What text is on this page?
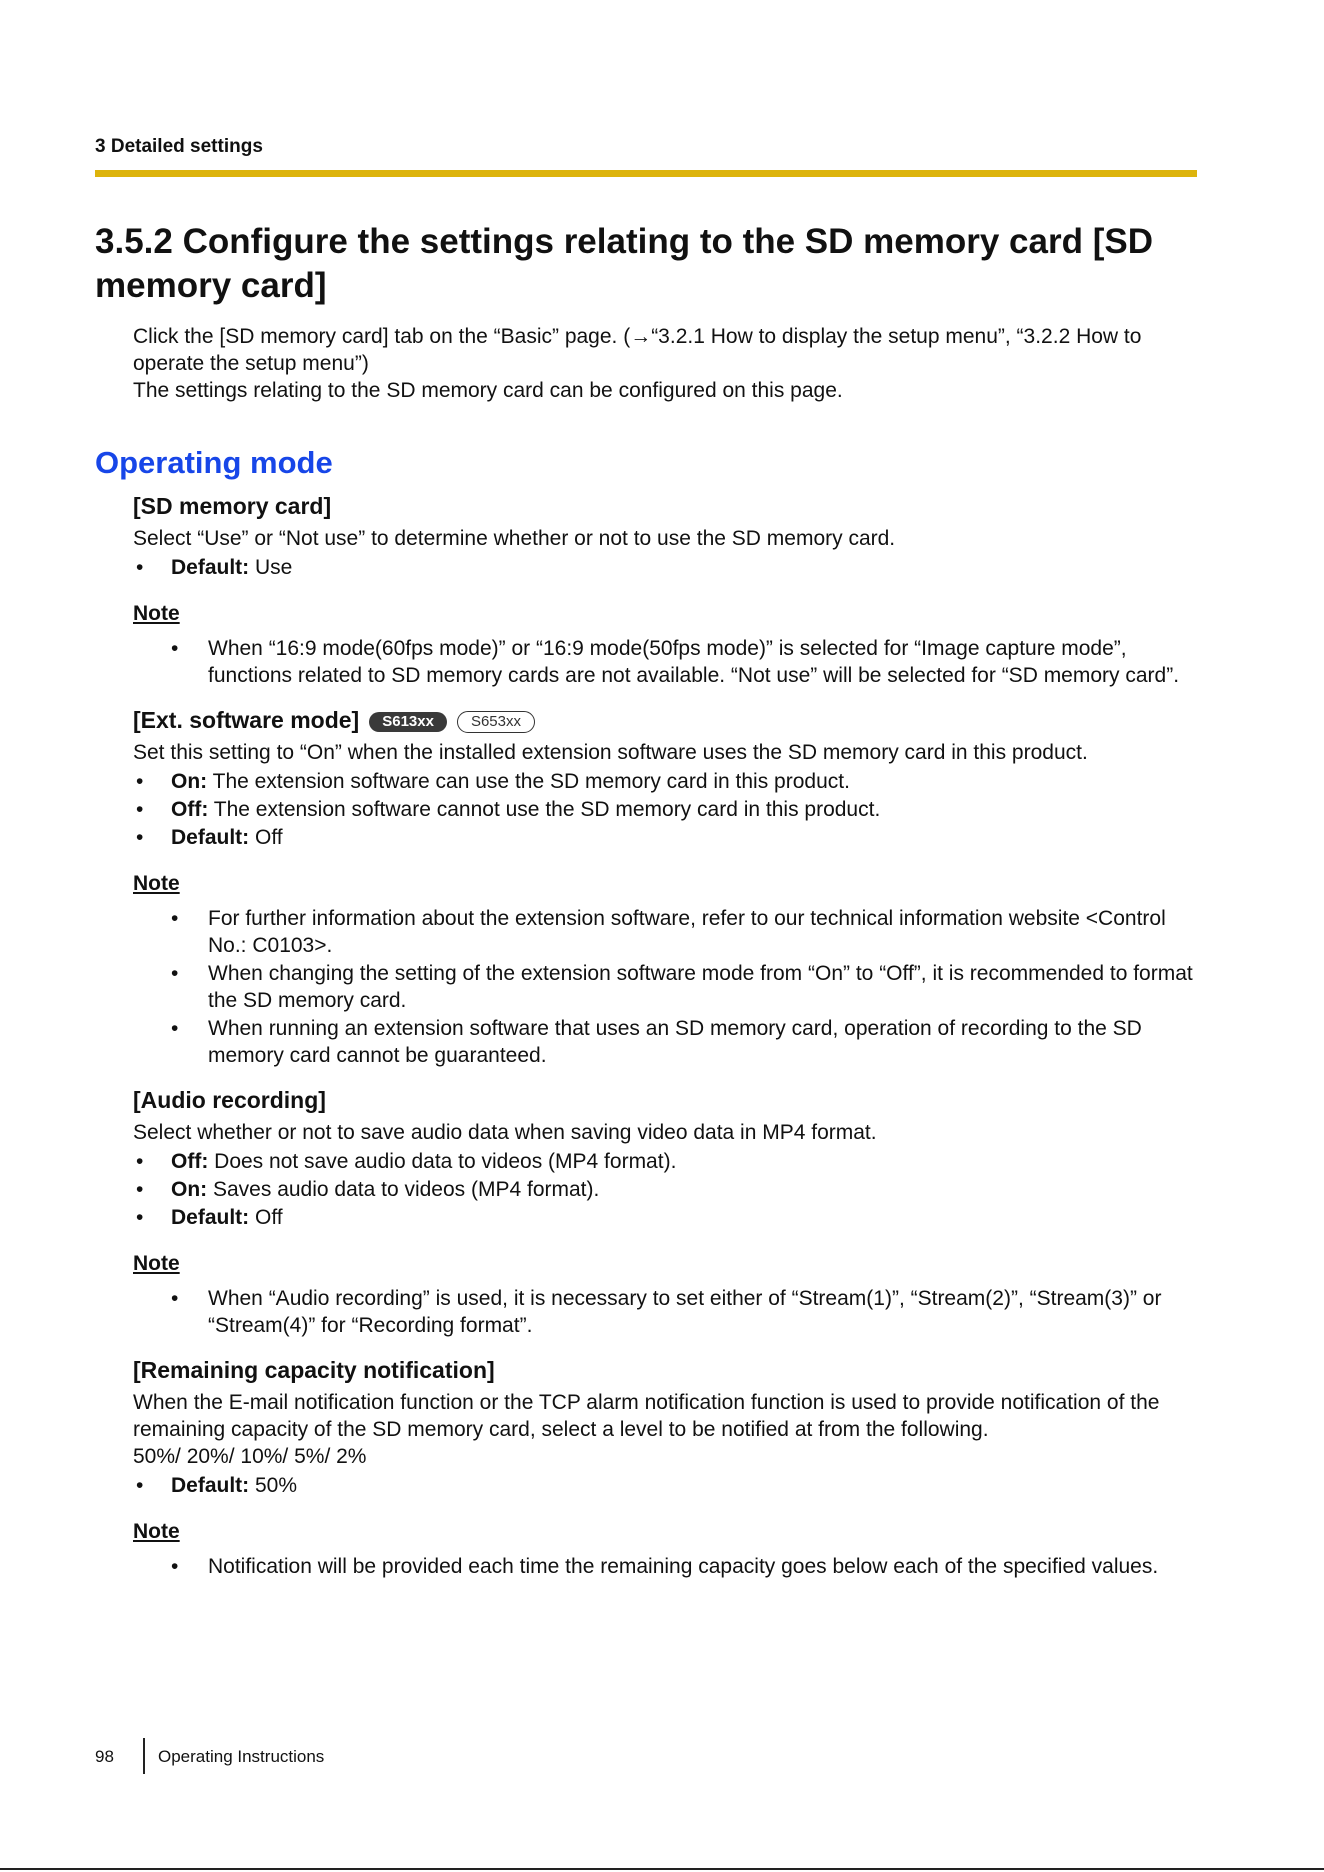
3 Detailed settings
3.5.2 Configure the settings relating to the SD memory card [SD memory card]

Click the [SD memory card] tab on the “Basic” page. (→“3.2.1 How to display the setup menu”, “3.2.2 How to operate the setup menu”)

The settings relating to the SD memory card can be configured on this page.

Operating mode
[SD memory card]

Select “Use” or “Not use” to determine whether or not to use the SD memory card.

• Default: Use

Note

• When “16:9 mode(60fps mode)” or “16:9 mode(50fps mode)” is selected for “Image capture mode”, functions related to SD memory cards are not available. “Not use” will be selected for “SD memory card”.
[Ext. software mode]	S613xx	S653xx

Set this setting to “On” when the installed extension software uses the SD memory card in this product.

• On: The extension software can use the SD memory card in this product.
• Off: The extension software cannot use the SD memory card in this product.
• Default: Off

Note

• For further information about the extension software, refer to our technical information website <Control No.: C0103>.
• When changing the setting of the extension software mode from “On” to “Off”, it is recommended to format the SD memory card.
• When running an extension software that uses an SD memory card, operation of recording to the SD memory card cannot be guaranteed.
[Audio recording]

Select whether or not to save audio data when saving video data in MP4 format.

• Off: Does not save audio data to videos (MP4 format).
• On: Saves audio data to videos (MP4 format).
• Default: Off

Note

• When “Audio recording” is used, it is necessary to set either of “Stream(1)”, “Stream(2)”, “Stream(3)” or “Stream(4)” for “Recording format”.
[Remaining capacity notification]

When the E-mail notification function or the TCP alarm notification function is used to provide notification of the remaining capacity of the SD memory card, select a level to be notified at from the following.

50%/ 20%/ 10%/ 5%/ 2%

• Default: 50%

Note

• Notification will be provided each time the remaining capacity goes below each of the specified values.
98	Operating Instructions
